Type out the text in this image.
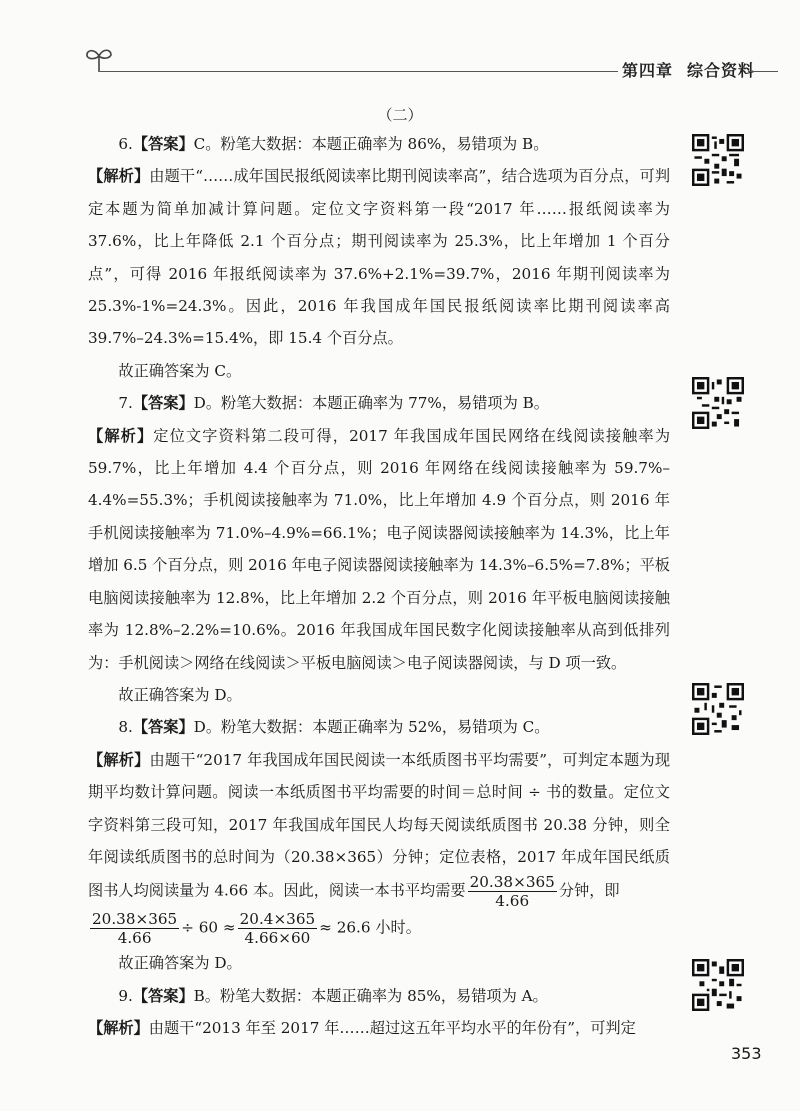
第四章 综合资料
（二）

6.【答案】C。粉笔大数据：本题正确率为 86%，易错项为 B。

【解析】由题干“……成年国民报纸阅读率比期刊阅读率高”，结合选项为百分点，可判定本题为简单加减计算问题。定位文字资料第一段“2017 年……报纸阅读率为 37.6%，比上年降低 2.1 个百分点；期刊阅读率为 25.3%，比上年增加 1 个百分点”，可得 2016 年报纸阅读率为 37.6%+2.1%=39.7%，2016 年期刊阅读率为 25.3%-1%=24.3%。因此，2016 年我国成年国民报纸阅读率比期刊阅读率高 39.7%–24.3%=15.4%，即 15.4 个百分点。

故正确答案为 C。

7.【答案】D。粉笔大数据：本题正确率为 77%，易错项为 B。

【解析】定位文字资料第二段可得，2017 年我国成年国民网络在线阅读接触率为 59.7%，比上年增加 4.4 个百分点，则 2016 年网络在线阅读接触率为 59.7%–4.4%=55.3%；手机阅读接触率为 71.0%，比上年增加 4.9 个百分点，则 2016 年手机阅读接触率为 71.0%–4.9%=66.1%；电子阅读器阅读接触率为 14.3%，比上年增加 6.5 个百分点，则 2016 年电子阅读器阅读接触率为 14.3%–6.5%=7.8%；平板电脑阅读接触率为 12.8%，比上年增加 2.2 个百分点，则 2016 年平板电脑阅读接触率为 12.8%–2.2%=10.6%。2016 年我国成年国民数字化阅读接触率从高到低排列为：手机阅读＞网络在线阅读＞平板电脑阅读＞电子阅读器阅读，与 D 项一致。

故正确答案为 D。

8.【答案】D。粉笔大数据：本题正确率为 52%，易错项为 C。

【解析】由题干“2017 年我国成年国民阅读一本纸质图书平均需要”，可判定本题为现期平均数计算问题。阅读一本纸质图书平均需要的时间＝总时间 ÷ 书的数量。定位文字资料第三段可知，2017 年我国成年国民人均每天阅读纸质图书 20.38 分钟，则全年阅读纸质图书的总时间为（20.38×365）分钟；定位表格，2017 年成年国民纸质图书人均阅读量为 4.66 本。因此，阅读一本书平均需要 $\frac{20.38\times 365}{4.66}$ 分钟，即

$\frac{20.38\times 365}{4.66} \div 60 \approx \frac{20.4\times 365}{4.66\times 60} \approx 26.6$ 小时。

故正确答案为 D。

9.【答案】B。粉笔大数据：本题正确率为 85%，易错项为 A。

【解析】由题干“2013 年至 2017 年……超过这五年平均水平的年份有”，可判定

353
